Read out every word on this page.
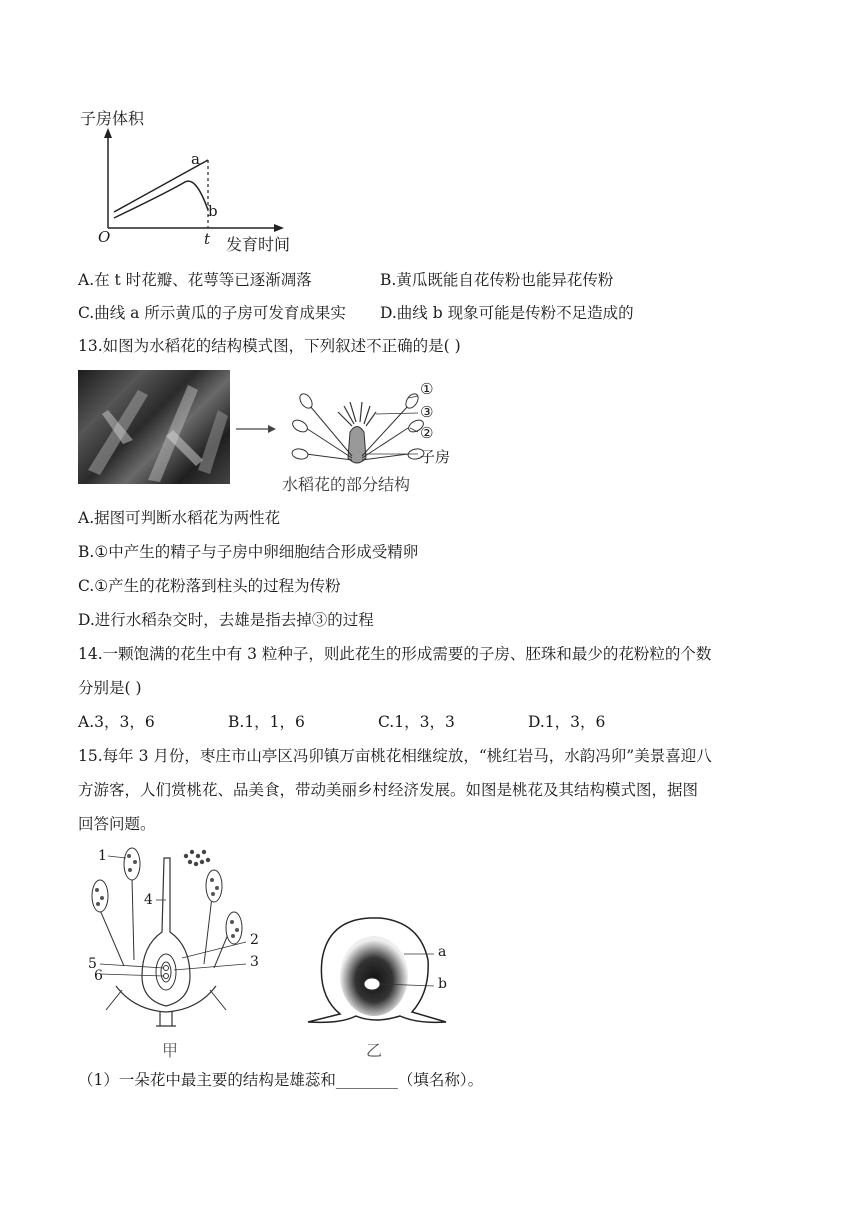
子房体积
发育时间
O
a
b
t
A.在 t 时花瓣、花萼等已逐渐凋落	B.黄瓜既能自花传粉也能异花传粉
C.曲线 a 所示黄瓜的子房可发育成果实 D.曲线 b 现象可能是传粉不足造成的
13.如图为水稻花的结构模式图，下列叙述不正确的是( )
①
③
②
子房
水稻花的部分结构
A.据图可判断水稻花为两性花
B.①中产生的精子与子房中卵细胞结合形成受精卵
C.①产生的花粉落到柱头的过程为传粉
D.进行水稻杂交时，去雄是指去掉③的过程
14.一颗饱满的花生中有 3 粒种子，则此花生的形成需要的子房、胚珠和最少的花粉粒的个数
分别是( )
A.3，3，6	B.1，1，6	C.1，3，3	D.1，3，6
15.每年 3 月份，枣庄市山亭区冯卯镇万亩桃花相继绽放，“桃红岩马，水韵冯卯”美景喜迎八
方游客，人们赏桃花、品美食，带动美丽乡村经济发展。如图是桃花及其结构模式图，据图
回答问题。
1
4
2
3
5
6
甲
a
b
乙
（1）一朵花中最主要的结构是雄蕊和________（填名称）。
